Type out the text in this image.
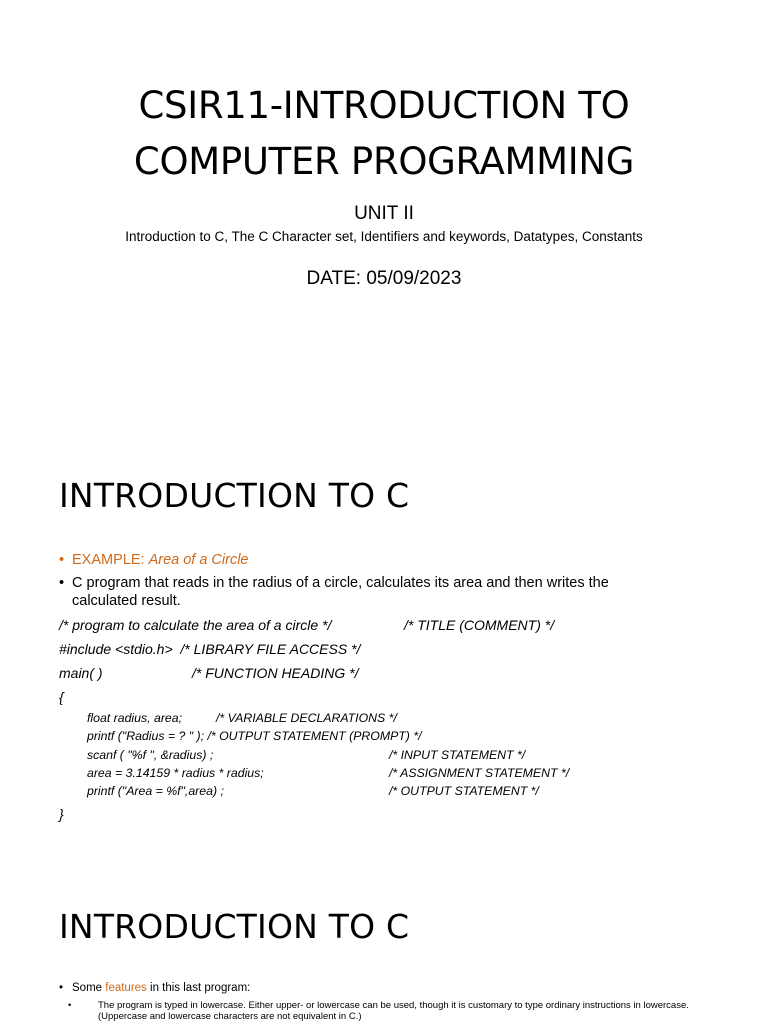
CSIR11-INTRODUCTION TO
COMPUTER PROGRAMMING
UNIT II
Introduction to C, The C Character set, Identifiers and keywords, Datatypes, Constants
DATE: 05/09/2023
INTRODUCTION TO C
• EXAMPLE: Area of a Circle
• C program that reads in the radius of a circle, calculates its area and then writes the
calculated result.
/* program to calculate the area of a circle */	/* TITLE (COMMENT) */
#include <stdio.h>  /* LIBRARY FILE ACCESS */
main( )	/* FUNCTION HEADING */
{
float radius, area;	/* VARIABLE DECLARATIONS */
printf ("Radius = ? " ); /* OUTPUT STATEMENT (PROMPT) */
scanf ( "%f ", &radius) ;	/* INPUT STATEMENT */
area = 3.14159 * radius * radius;	/* ASSIGNMENT STATEMENT */
printf ("Area = %f",area) ;	/* OUTPUT STATEMENT */
}
INTRODUCTION TO C
• Some features in this last program:
•	The program is typed in lowercase. Either upper- or lowercase can be used, though it is customary to type ordinary instructions in lowercase. (Uppercase and lowercase characters are not equivalent in C.)
